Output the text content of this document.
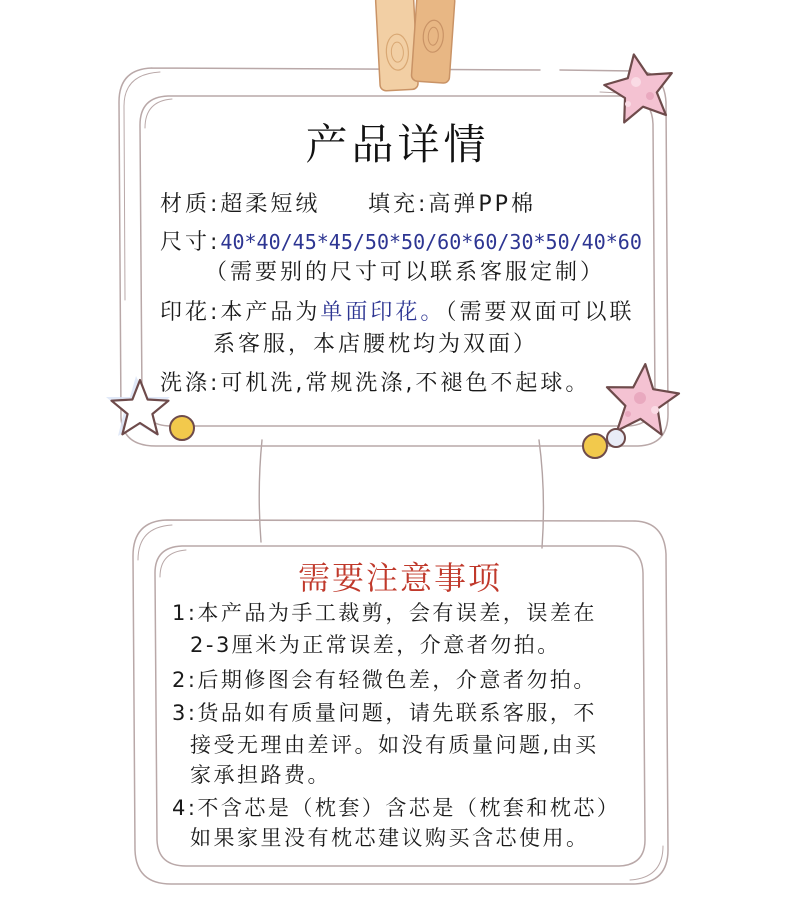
产品详情
材质:超柔短绒 填充:高弹PP棉
尺寸:40*40/45*45/50*50/60*60/30*50/40*60
（需要别的尺寸可以联系客服定制）
印花:本产品为单面印花。（需要双面可以联
系客服，本店腰枕均为双面）
洗涤:可机洗,常规洗涤,不褪色不起球。
需要注意事项
1:本产品为手工裁剪，会有误差，误差在
2-3厘米为正常误差，介意者勿拍。
2:后期修图会有轻微色差，介意者勿拍。
3:货品如有质量问题，请先联系客服，不
接受无理由差评。如没有质量问题,由买
家承担路费。
4:不含芯是（枕套）含芯是（枕套和枕芯）
如果家里没有枕芯建议购买含芯使用。
